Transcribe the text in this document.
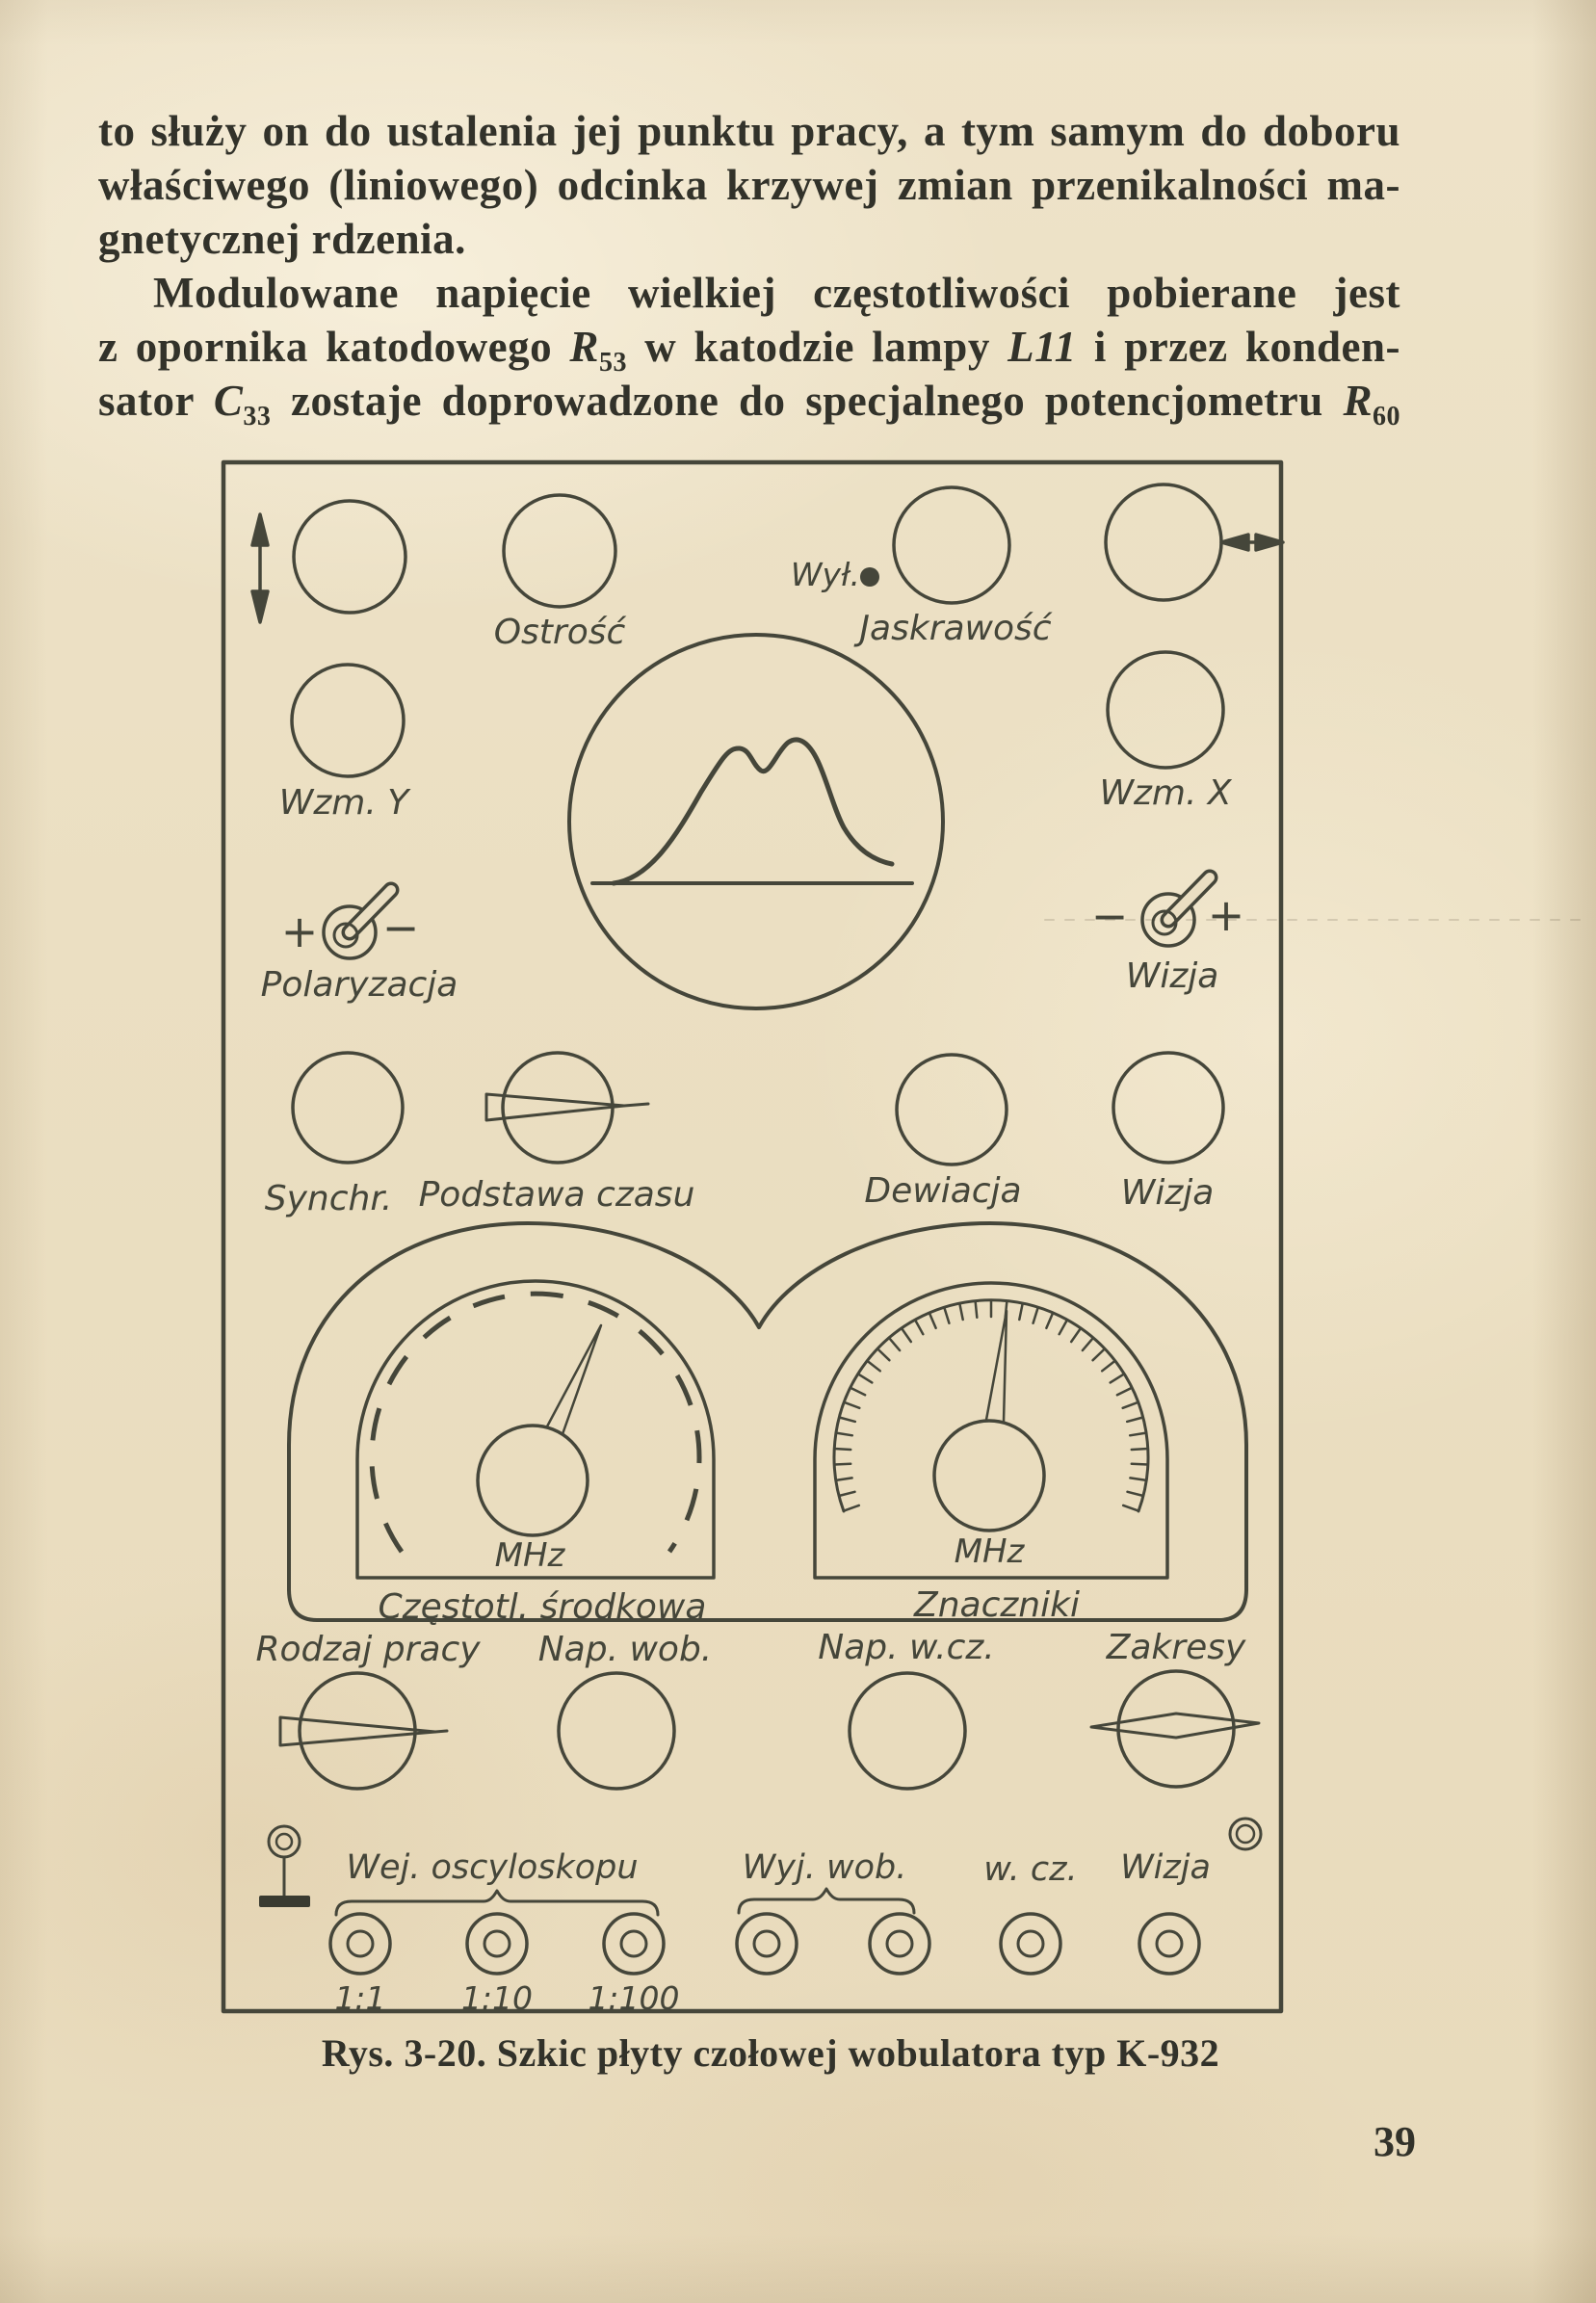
to służy on do ustalenia jej punktu pracy, a tym samym do doboru

właściwego (liniowego) odcinka krzywej zmian przenikalności ma-

gnetycznej rdzenia.

Modulowane napięcie wielkiej częstotliwości pobierane jest

z opornika katodowego $R_{53}$ w katodzie lampy L11 i przez konden-

sator $C_{33}$ zostaje doprowadzone do specjalnego potencjometru $R_{60}$

Ostrość
Wył.
Jaskrawość
Wzm. Y	Wzm. X
+ −
Polaryzacja
− +
Wizja
Synchr. Podstawa czasu	Dewiacja	Wizja
MHz
Częstotl. środkowa
MHz
Znaczniki
Rodzaj pracy Nap. wob.	Nap. w.cz.	Zakresy
Wej. oscyloskopu	Wyj. wob. w. cz. Wizja
1:1 1:10 1:100
Rys. 3-20. Szkic płyty czołowej wobulatora typ K-932
39
